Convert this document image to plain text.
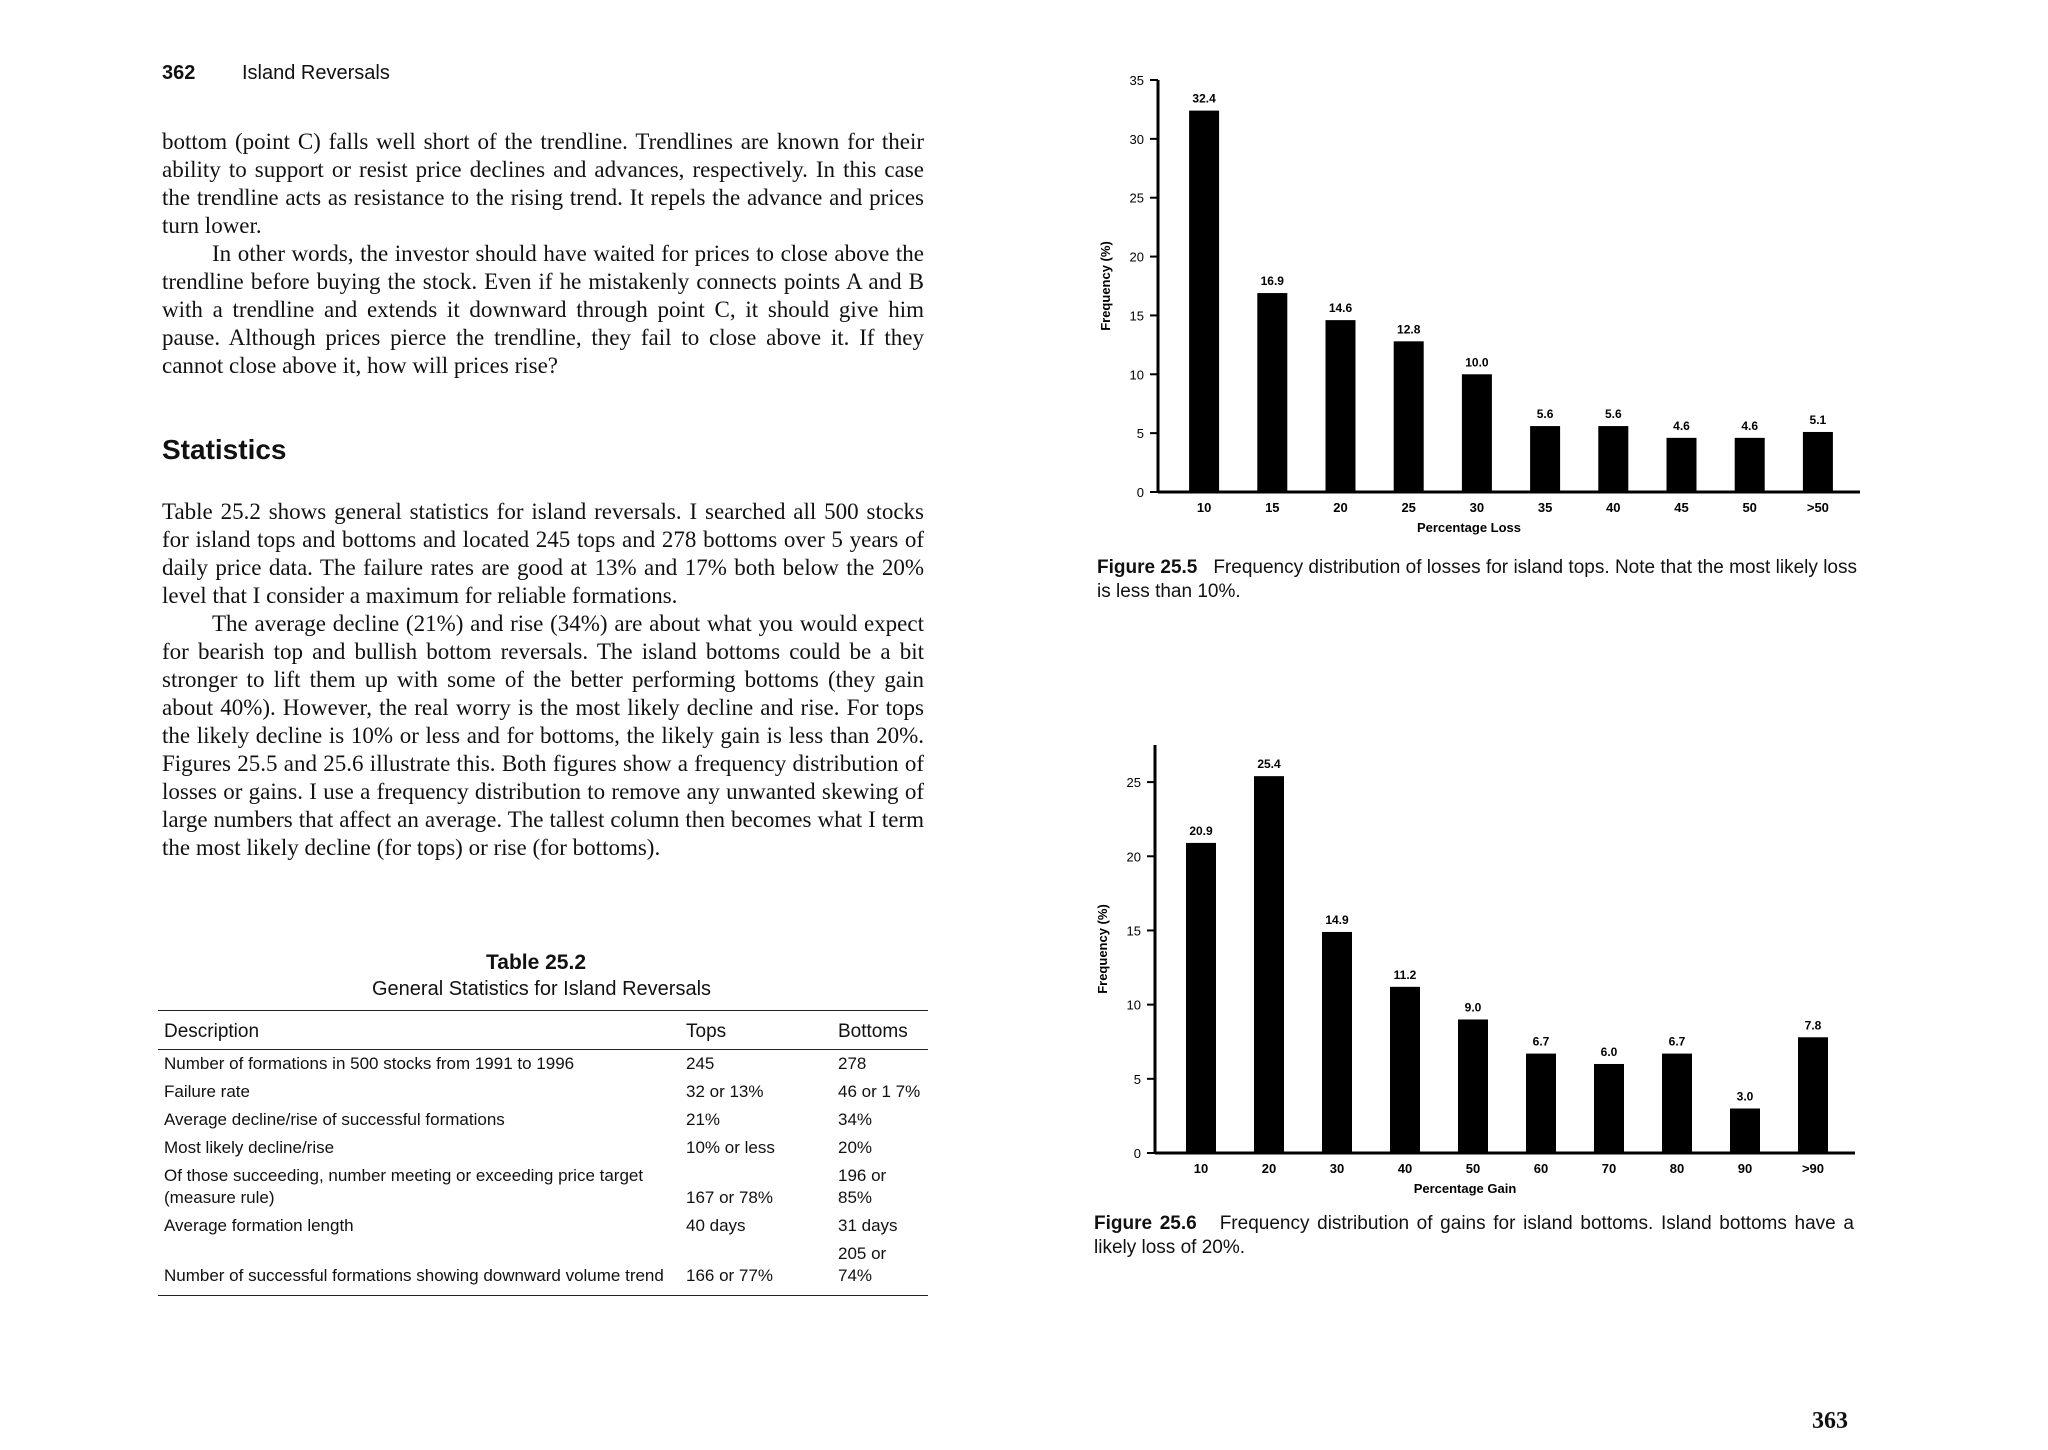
362 Island Reversals

bottom (point C) falls well short of the trendline. Trendlines are known for their ability to support or resist price declines and advances, respectively. In this case the trendline acts as resistance to the rising trend. It repels the advance and prices turn lower.

In other words, the investor should have waited for prices to close above the trendline before buying the stock. Even if he mistakenly connects points A and B with a trendline and extends it downward through point C, it should give him pause. Although prices pierce the trendline, they fail to close above it. If they cannot close above it, how will prices rise?

Statistics

Table 25.2 shows general statistics for island reversals. I searched all 500 stocks for island tops and bottoms and located 245 tops and 278 bottoms over 5 years of daily price data. The failure rates are good at 13% and 17% both below the 20% level that I consider a maximum for reliable formations.

The average decline (21%) and rise (34%) are about what you would expect for bearish top and bullish bottom reversals. The island bottoms could be a bit stronger to lift them up with some of the better performing bottoms (they gain about 40%). However, the real worry is the most likely decline and rise. For tops the likely decline is 10% or less and for bottoms, the likely gain is less than 20%. Figures 25.5 and 25.6 illustrate this. Both figures show a frequency distribution of losses or gains. I use a frequency distribution to remove any unwanted skewing of large numbers that affect an average. The tallest column then becomes what I term the most likely decline (for tops) or rise (for bottoms).

Table 25.2
General Statistics for Island Reversals
Description	Tops	Bottoms
Number of formations in 500 stocks from 1991 to 1996	245	278
Failure rate	32 or 13%	46 or 1 7%
Average decline/rise of successful formations	21%	34%
Most likely decline/rise	10% or less	20%
Of those succeeding, number meeting or exceeding price target (measure rule)	167 or 78%	196 or 85%
Average formation length	40 days	31 days
Number of successful formations showing downward volume trend	166 or 77%	205 or 74%
0
5
10
15
20
25
30
35
32.4
10
16.9
15
14.6
20
12.8
25
10.0
30
5.6
35
5.6
40
4.6
45
4.6
50
5.1
>50
Percentage Loss
Frequency (%)
0
5
10
15
20
25
20.9
10
25.4
20
14.9
30
11.2
40
9.0
50
6.7
60
6.0
70
6.7
80
3.0
90
7.8
>90
Percentage Gain
Frequency (%)
Figure 25.5 Frequency distribution of losses for island tops. Note that the most likely loss is less than 10%.
Figure 25.6 Frequency distribution of gains for island bottoms. Island bottoms have a likely loss of 20%.
363
